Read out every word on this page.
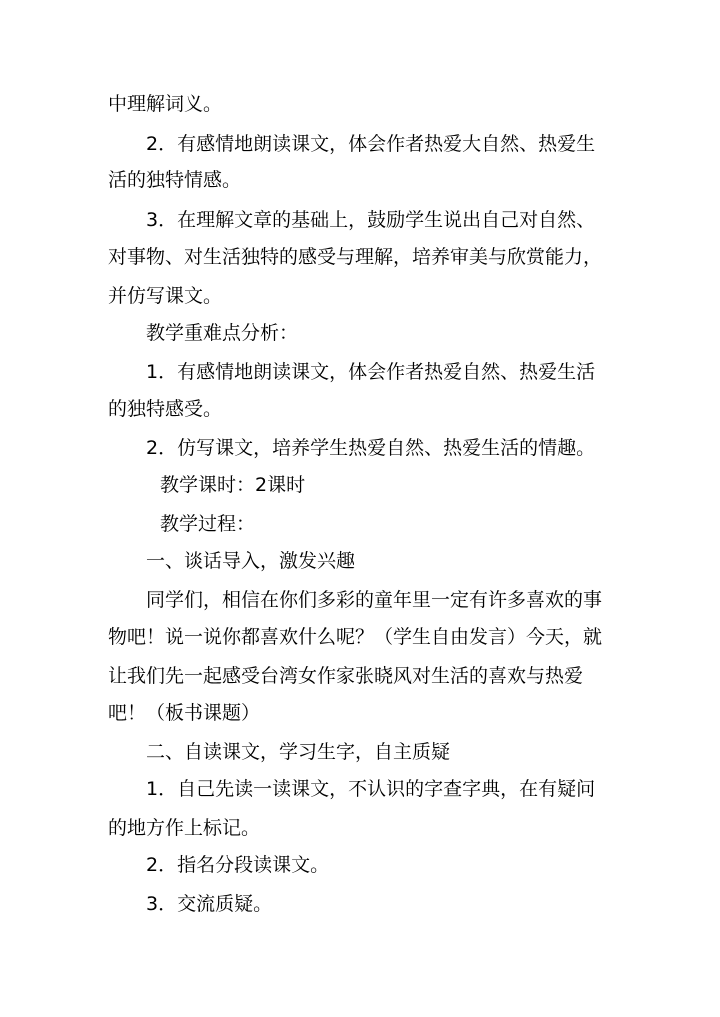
中理解词义。
2．有感情地朗读课文，体会作者热爱大自然、热爱生
活的独特情感。
3．在理解文章的基础上，鼓励学生说出自己对自然、
对事物、对生活独特的感受与理解，培养审美与欣赏能力，
并仿写课文。
教学重难点分析：
1．有感情地朗读课文，体会作者热爱自然、热爱生活
的独特感受。
2．仿写课文，培养学生热爱自然、热爱生活的情趣。
教学课时：2课时
教学过程：
一、谈话导入，激发兴趣
同学们，相信在你们多彩的童年里一定有许多喜欢的事
物吧！说一说你都喜欢什么呢？（学生自由发言）今天，就
让我们先一起感受台湾女作家张晓风对生活的喜欢与热爱
吧！（板书课题）
二、自读课文，学习生字，自主质疑
1．自己先读一读课文，不认识的字查字典，在有疑问
的地方作上标记。
2．指名分段读课文。
3．交流质疑。
